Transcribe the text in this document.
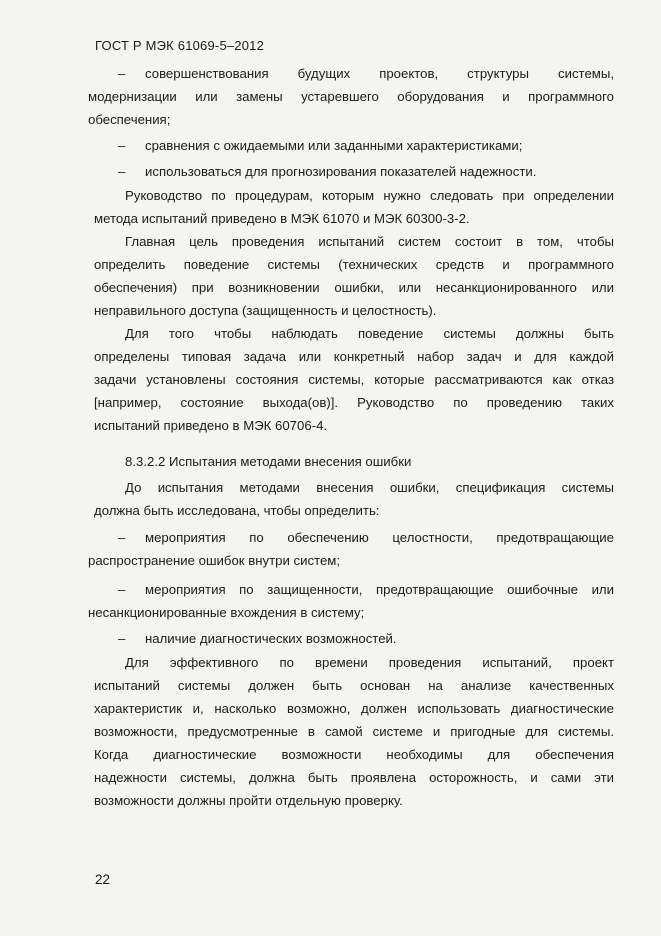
ГОСТ Р МЭК 61069-5–2012
– совершенствования будущих проектов, структуры системы,
модернизации или замены устаревшего оборудования и программного
обеспечения;
– сравнения с ожидаемыми или заданными характеристиками;
– использоваться для прогнозирования показателей надежности.
Руководство по процедурам, которым нужно следовать при определении
метода испытаний приведено в МЭК 61070 и МЭК 60300-3-2.
Главная цель проведения испытаний систем состоит в том, чтобы
определить поведение системы (технических средств и программного
обеспечения) при возникновении ошибки, или несанкционированного или
неправильного доступа (защищенность и целостность).
Для того чтобы наблюдать поведение системы должны быть
определены типовая задача или конкретный набор задач и для каждой
задачи установлены состояния системы, которые рассматриваются как отказ
[например, состояние выхода(ов)]. Руководство по проведению таких
испытаний приведено в МЭК 60706-4.
8.3.2.2 Испытания методами внесения ошибки
До испытания методами внесения ошибки, спецификация системы
должна быть исследована, чтобы определить:
– мероприятия по обеспечению целостности, предотвращающие
распространение ошибок внутри систем;
– мероприятия по защищенности, предотвращающие ошибочные или
несанкционированные вхождения в систему;
– наличие диагностических возможностей.
Для эффективного по времени проведения испытаний, проект
испытаний системы должен быть основан на анализе качественных
характеристик и, насколько возможно, должен использовать диагностические
возможности, предусмотренные в самой системе и пригодные для системы.
Когда диагностические возможности необходимы для обеспечения
надежности системы, должна быть проявлена осторожность, и сами эти
возможности должны пройти отдельную проверку.
22
